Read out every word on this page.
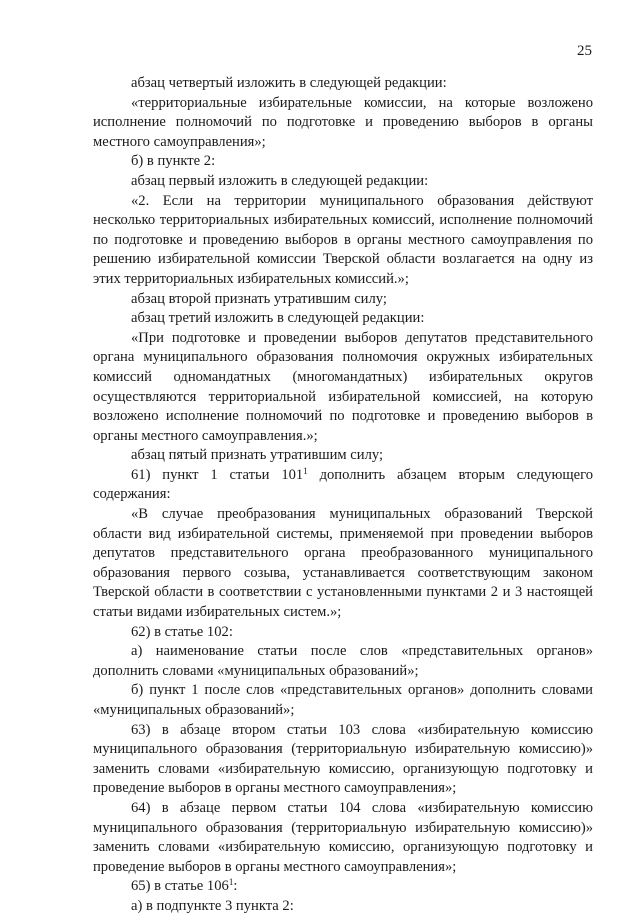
25

абзац четвертый изложить в следующей редакции:

«территориальные избирательные комиссии, на которые возложено исполнение полномочий по подготовке и проведению выборов в органы местного самоуправления»;

б) в пункте 2:

абзац первый изложить в следующей редакции:

«2. Если на территории муниципального образования действуют несколько территориальных избирательных комиссий, исполнение полномочий по подготовке и проведению выборов в органы местного самоуправления по решению избирательной комиссии Тверской области возлагается на одну из этих территориальных избирательных комиссий.»;

абзац второй признать утратившим силу;

абзац третий изложить в следующей редакции:

«При подготовке и проведении выборов депутатов представительного органа муниципального образования полномочия окружных избирательных комиссий одномандатных (многомандатных) избирательных округов осуществляются территориальной избирательной комиссией, на которую возложено исполнение полномочий по подготовке и проведению выборов в органы местного самоуправления.»;

абзац пятый признать утратившим силу;

61) пункт 1 статьи $101^1$ дополнить абзацем вторым следующего содержания:

«В случае преобразования муниципальных образований Тверской области вид избирательной системы, применяемой при проведении выборов депутатов представительного органа преобразованного муниципального образования первого созыва, устанавливается соответствующим законом Тверской области в соответствии с установленными пунктами 2 и 3 настоящей статьи видами избирательных систем.»;

62) в статье 102:

а) наименование статьи после слов «представительных органов» дополнить словами «муниципальных образований»;

б) пункт 1 после слов «представительных органов» дополнить словами «муниципальных образований»;

63) в абзаце втором статьи 103 слова «избирательную комиссию муниципального образования (территориальную избирательную комиссию)» заменить словами «избирательную комиссию, организующую подготовку и проведение выборов в органы местного самоуправления»;

64) в абзаце первом статьи 104 слова «избирательную комиссию муниципального образования (территориальную избирательную комиссию)» заменить словами «избирательную комиссию, организующую подготовку и проведение выборов в органы местного самоуправления»;

65) в статье $106^1$:

а) в подпункте 3 пункта 2:
